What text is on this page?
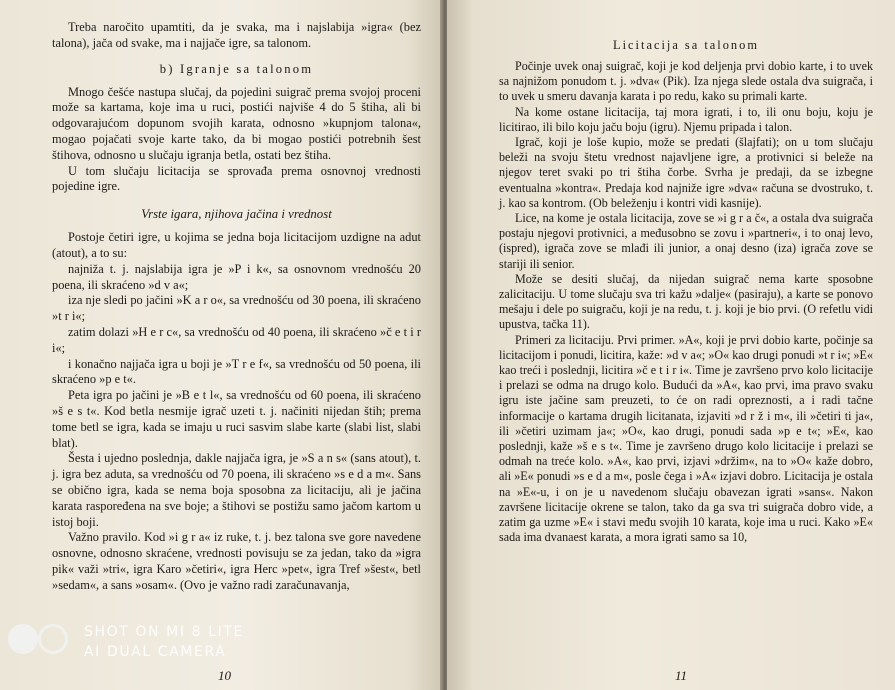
Treba naročito upamtiti, da je svaka, ma i najslabija »igra« (bez talona), jača od svake, ma i najjače igre, sa talonom.

b) Igranje sa talonom

Mnogo češće nastupa slučaj, da pojedini suigrač prema svojoj proceni može sa kartama, koje ima u ruci, postići najviše 4 do 5 štiha, ali bi odgovarajućom dopunom svojih karata, odnosno »kupnjom talona«, mogao pojačati svoje karte tako, da bi mogao postići potrebnih šest štihova, odnosno u slučaju igranja betla, ostati bez štiha.

U tom slučaju licitacija se sprovađa prema osnovnoj vrednosti pojedine igre.

Vrste igara, njihova jačina i vrednost

Postoje četiri igre, u kojima se jedna boja licitacijom uzdigne na adut (atout), a to su:

najniža t. j. najslabija igra je »P i k«, sa osnovnom vrednošću 20 poena, ili skraćeno »d v a«;

iza nje sledi po jačini »K a r o«, sa vrednošću od 30 poena, ili skraćeno »t r i«;

zatim dolazi »H e r c«, sa vrednošću od 40 poena, ili skraćeno »č e t i r i«;

i konačno najjača igra u boji je »T r e f«, sa vrednošću od 50 poena, ili skraćeno »p e t«.

Peta igra po jačini je »B e t l«, sa vrednošću od 60 poena, ili skraćeno »š e s t«. Kod betla nesmije igrač uzeti t. j. načiniti nijedan štih; prema tome betl se igra, kada se imaju u ruci sasvim slabe karte (slabi list, slabi blat).

Šesta i ujedno poslednja, dakle najjača igra, je »S a n s« (sans atout), t. j. igra bez aduta, sa vrednošću od 70 poena, ili skraćeno »s e d a m«. Sans se obično igra, kada se nema boja sposobna za licitaciju, ali je jačina karata raspoređena na sve boje; a štihovi se postižu samo jačom kartom u istoj boji.

Važno pravilo. Kod »i g r a« iz ruke, t. j. bez talona sve gore navedene osnovne, odnosno skraćene, vrednosti povisuju se za jedan, tako da »igra pik« važi »tri«, igra Karo »četiri«, igra Herc »pet«, igra Tref »šest«, betl »sedam«, a sans »osam«. (Ovo je važno radi zaračunavanja,

10
Licitacija sa talonom

Počinje uvek onaj suigrač, koji je kod deljenja prvi dobio karte, i to uvek sa najnižom ponudom t. j. »dva« (Pik). Iza njega slede ostala dva suigrača, i to uvek u smeru davanja karata i po redu, kako su primali karte.

Na kome ostane licitacija, taj mora igrati, i to, ili onu boju, koju je licitirao, ili bilo koju jaču boju (igru). Njemu pripada i talon.

Igrač, koji je loše kupio, može se predati (šlajfati); on u tom slučaju beleži na svoju štetu vrednost najavljene igre, a protivnici si beleže na njegov teret svaki po tri štiha čorbe. Svrha je predaji, da se izbegne eventualna »kontra«. Predaja kod najniže igre »dva« računa se dvostruko, t. j. kao sa kontrom. (Ob beleženju i kontri vidi kasnije).

Lice, na kome je ostala licitacija, zove se »i g r a č«, a ostala dva suigrača postaju njegovi protivnici, a međusobno se zovu i »partneri«, i to onaj levo, (ispred), igrača zove se mlađi ili junior, a onaj desno (iza) igrača zove se stariji ili senior.

Može se desiti slučaj, da nijedan suigrač nema karte sposobne zalicitaciju. U tome slučaju sva tri kažu »dalje« (pasiraju), a karte se ponovo mešaju i dele po suigraču, koji je na redu, t. j. koji je bio prvi. (O refetlu vidi upustva, tačka 11).

Primeri za licitaciju. Prvi primer. »A«, koji je prvi dobio karte, počinje sa licitacijom i ponudi, licitira, kaže: »d v a«; »O« kao drugi ponudi »t r i«; »E« kao treći i poslednji, licitira »č e t i r i«. Time je završeno prvo kolo licitacije i prelazi se odma na drugo kolo. Budući da »A«, kao prvi, ima pravo svaku igru iste jačine sam preuzeti, to će on radi opreznosti, a i radi tačne informacije o kartama drugih licitanata, izjaviti »d r ž i m«, ili »četiri ti ja«, ili »četiri uzimam ja«; »O«, kao drugi, ponudi sada »p e t«; »E«, kao poslednji, kaže »š e s t«. Time je završeno drugo kolo licitacije i prelazi se odmah na treće kolo. »A«, kao prvi, izjavi »držim«, na to »O« kaže dobro, ali »E« ponudi »s e d a m«, posle čega i »A« izjavi dobro. Licitacija je ostala na »E«-u, i on je u navedenom slučaju obavezan igrati »sans«. Nakon završene licitacije okrene se talon, tako da ga sva tri suigrača dobro vide, a zatim ga uzme »E« i stavi među svojih 10 karata, koje ima u ruci. Kako »E« sada ima dvanaest karata, a mora igrati samo sa 10,

11
SHOT ON MI 8 LITE
AI DUAL CAMERA
